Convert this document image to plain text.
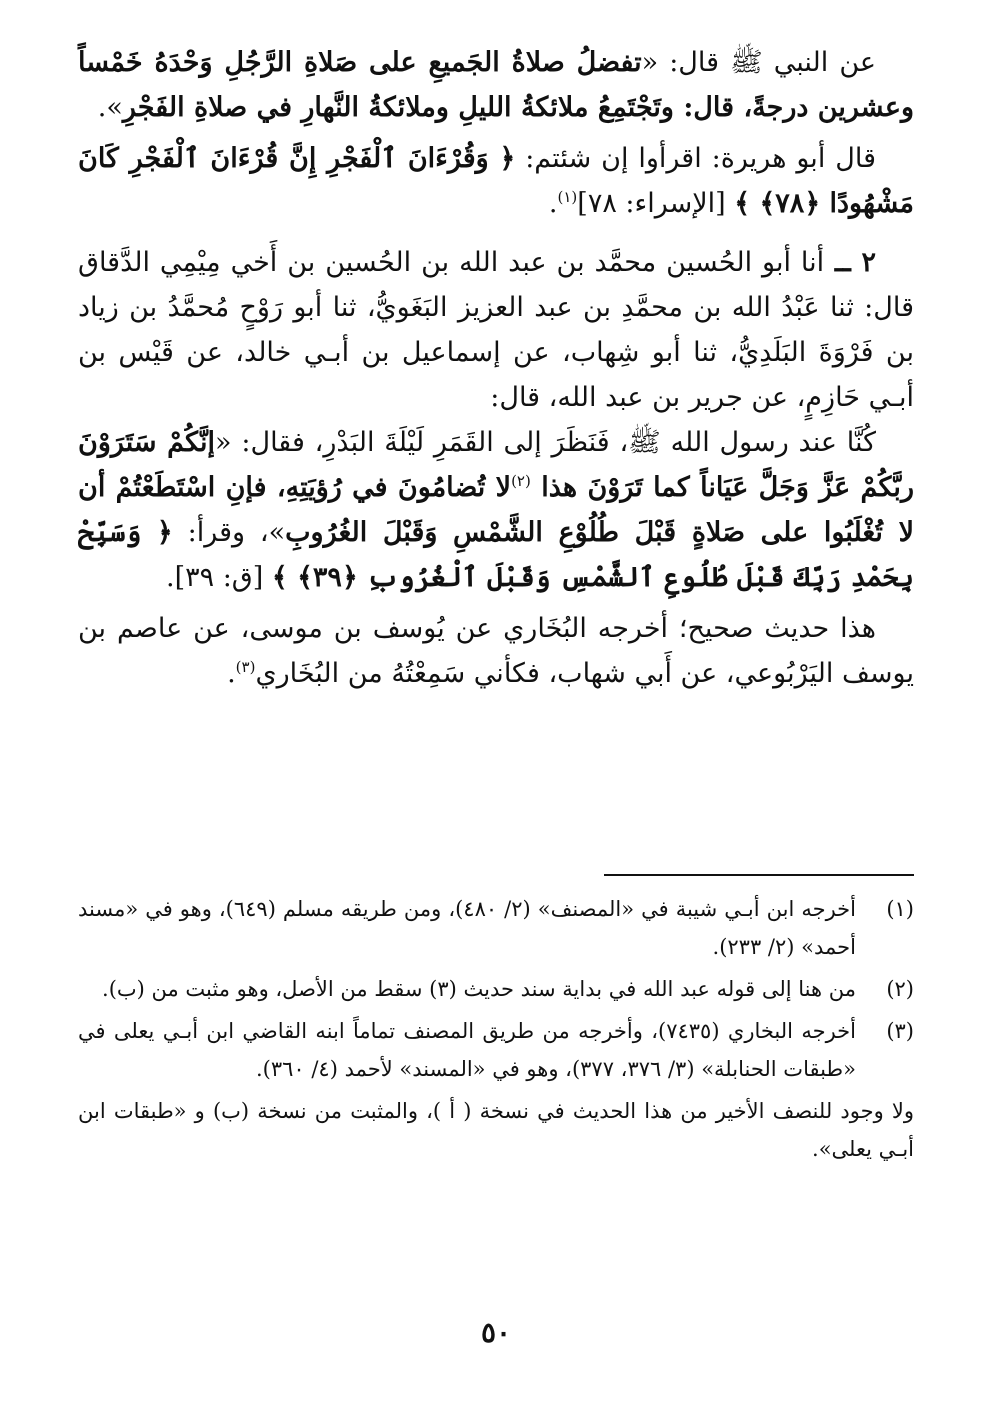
عن النبي ﷺ قال: «تفضلُ صلاةُ الجَميعِ على صَلاةِ الرَّجُلِ وَحْدَهُ خَمْساً وعشرين درجةً، قال: وتَجْتَمِعُ ملائكةُ الليلِ وملائكةُ النَّهارِ في صلاةِ الفَجْرِ».

قال أبو هريرة: اقرأوا إن شئتم: ﴿ وَقُرْءَانَ ٱلْفَجْرِ إِنَّ قُرْءَانَ ٱلْفَجْرِ كَانَ مَشْهُودًا ﴿٧٨﴾ ﴾ [الإسراء: ٧٨]$^{(١)}$.

٢ ــ أنا أبو الحُسين محمَّد بن عبد الله بن الحُسين بن أَخي مِيْمِي الدَّقاق قال: ثنا عَبْدُ الله بن محمَّدِ بن عبد العزيز البَغَويُّ، ثنا أبو رَوْحٍ مُحمَّدُ بن زياد بن فَرْوَةَ البَلَدِيُّ، ثنا أبو شِهاب، عن إسماعيل بن أبـي خالد، عن قَيْس بن أبـي حَازِمٍ، عن جرير بن عبد الله، قال:

كُنَّا عند رسول الله ﷺ، فَنَظَرَ إلى القَمَرِ لَيْلَةَ البَدْرِ، فقال: «إنَّكُمْ سَتَرَوْنَ ربَّكُمْ عَزَّ وَجَلَّ عَيَاناً كما تَرَوْنَ هذا $^{(٢)}$لا تُضامُونَ في رُؤيَتِهِ، فإنِ اسْتَطَعْتُمْ أن لا تُغْلَبُوا على صَلاةٍ قَبْلَ طُلُوْعِ الشَّمْسِ وَقَبْلَ الغُرُوبِ»، وقرأ: ﴿ وَسَبِّحْ بِحَمْدِ رَبِّكَ قَبْلَ طُلُوعِ ٱلشَّمْسِ وَقَبْلَ ٱلْغُرُوبِ ﴿٣٩﴾ ﴾ [ق: ٣٩].

هذا حديث صحيح؛ أخرجه البُخَاري عن يُوسف بن موسى، عن عاصم بن يوسف اليَرْبُوعي، عن أَبي شهاب، فكأني سَمِعْتُهُ من البُخَاري$^{(٣)}$.

(١)
أخرجه ابن أبـي شيبة في «المصنف» (٢/ ٤٨٠)، ومن طريقه مسلم (٦٤٩)، وهو في «مسند أحمد» (٢/ ٢٣٣).
(٢)
من هنا إلى قوله عبد الله في بداية سند حديث (٣) سقط من الأصل، وهو مثبت من (ب).
(٣)
أخرجه البخاري (٧٤٣٥)، وأخرجه من طريق المصنف تماماً ابنه القاضي ابن أبـي يعلى في «طبقات الحنابلة» (٣/ ٣٧٦، ٣٧٧)، وهو في «المسند» لأحمد (٤/ ٣٦٠).

ولا وجود للنصف الأخير من هذا الحديث في نسخة ( أ )، والمثبت من نسخة (ب) و «طبقات ابن أبـي يعلى».

٥٠
